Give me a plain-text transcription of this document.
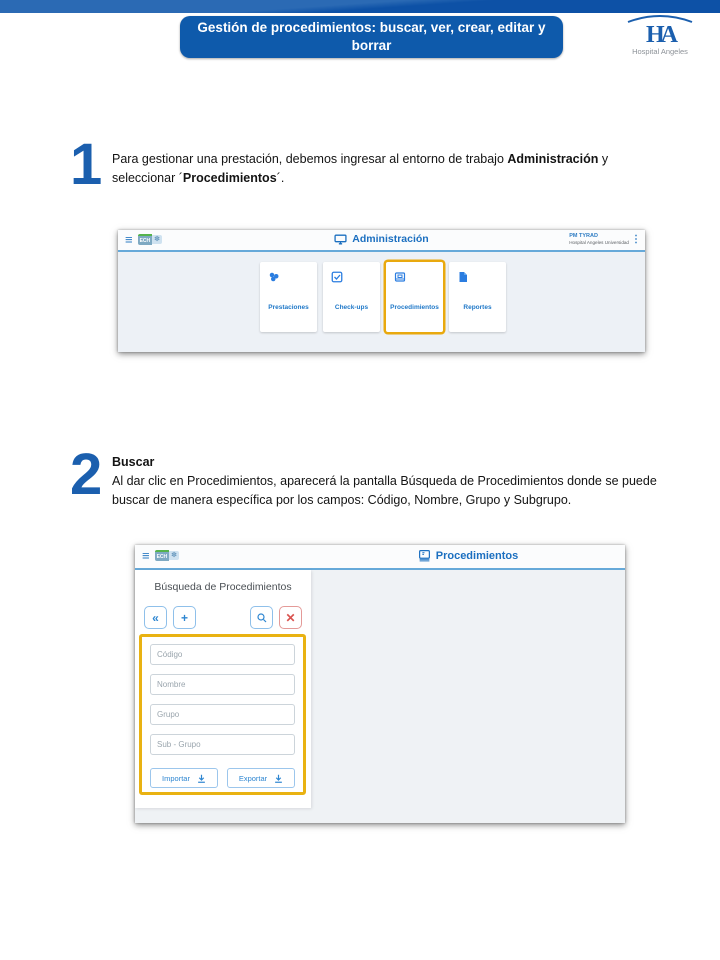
Gestión de procedimientos: buscar, ver, crear, editar y borrar	HA
Hospital Angeles
1 Para gestionar una prestación, debemos ingresar al entorno de trabajo Administración y seleccionar ´Procedimientos´.

≡	ECH ✽	Administración	PM TYRAD
Hospital Angeles Universidad ⋮
Prestaciones	Check-ups	Procedimientos	Reportes
2 Buscar

Al dar clic en Procedimientos, aparecerá la pantalla Búsqueda de Procedimientos donde se puede buscar de manera específica por los campos: Código, Nombre, Grupo y Subgrupo.

≡	ECH ✽	Procedimientos
Búsqueda de Procedimientos
« +	✕
Código
Nombre
Grupo
Sub - Grupo
Importar	Exportar
